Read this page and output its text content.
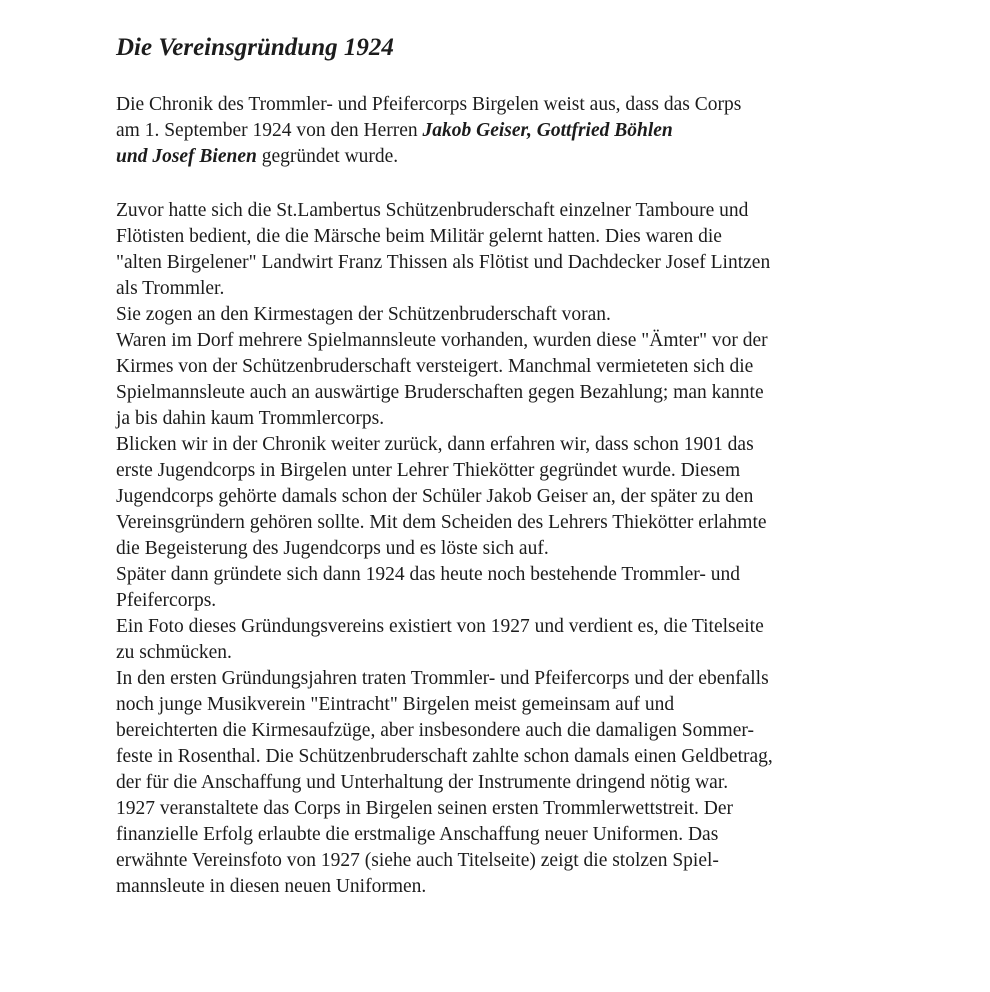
Die Vereinsgründung 1924
Die Chronik des Trommler- und Pfeifercorps Birgelen weist aus, dass das Corps
am 1. September 1924 von den Herren Jakob Geiser, Gottfried Böhlen
und Josef Bienen gegründet wurde.
Zuvor hatte sich die St.Lambertus Schützenbruderschaft einzelner Tamboure und
Flötisten bedient, die die Märsche beim Militär gelernt hatten. Dies waren die
"alten Birgelener" Landwirt Franz Thissen als Flötist und Dachdecker Josef Lintzen
als Trommler.
Sie zogen an den Kirmestagen der Schützenbruderschaft voran.
Waren im Dorf mehrere Spielmannsleute vorhanden, wurden diese "Ämter" vor der
Kirmes von der Schützenbruderschaft versteigert. Manchmal vermieteten sich die
Spielmannsleute auch an auswärtige Bruderschaften gegen Bezahlung; man kannte
ja bis dahin kaum Trommlercorps.
Blicken wir in der Chronik weiter zurück, dann erfahren wir, dass schon 1901 das
erste Jugendcorps in Birgelen unter Lehrer Thiekötter gegründet wurde. Diesem
Jugendcorps gehörte damals schon der Schüler Jakob Geiser an, der später zu den
Vereinsgründern gehören sollte. Mit dem Scheiden des Lehrers Thiekötter erlahmte
die Begeisterung des Jugendcorps und es löste sich auf.
Später dann gründete sich dann 1924 das heute noch bestehende Trommler- und
Pfeifercorps.
Ein Foto dieses Gründungsvereins existiert von 1927 und verdient es, die Titelseite
zu schmücken.
In den ersten Gründungsjahren traten Trommler- und Pfeifercorps und der ebenfalls
noch junge Musikverein "Eintracht" Birgelen meist gemeinsam auf und
bereichterten die Kirmesaufzüge, aber insbesondere auch die damaligen Sommer-
feste in Rosenthal. Die Schützenbruderschaft zahlte schon damals einen Geldbetrag,
der für die Anschaffung und Unterhaltung der Instrumente dringend nötig war.
1927 veranstaltete das Corps in Birgelen seinen ersten Trommlerwettstreit. Der
finanzielle Erfolg erlaubte die erstmalige Anschaffung neuer Uniformen. Das
erwähnte Vereinsfoto von 1927 (siehe auch Titelseite) zeigt die stolzen Spiel-
mannsleute in diesen neuen Uniformen.
